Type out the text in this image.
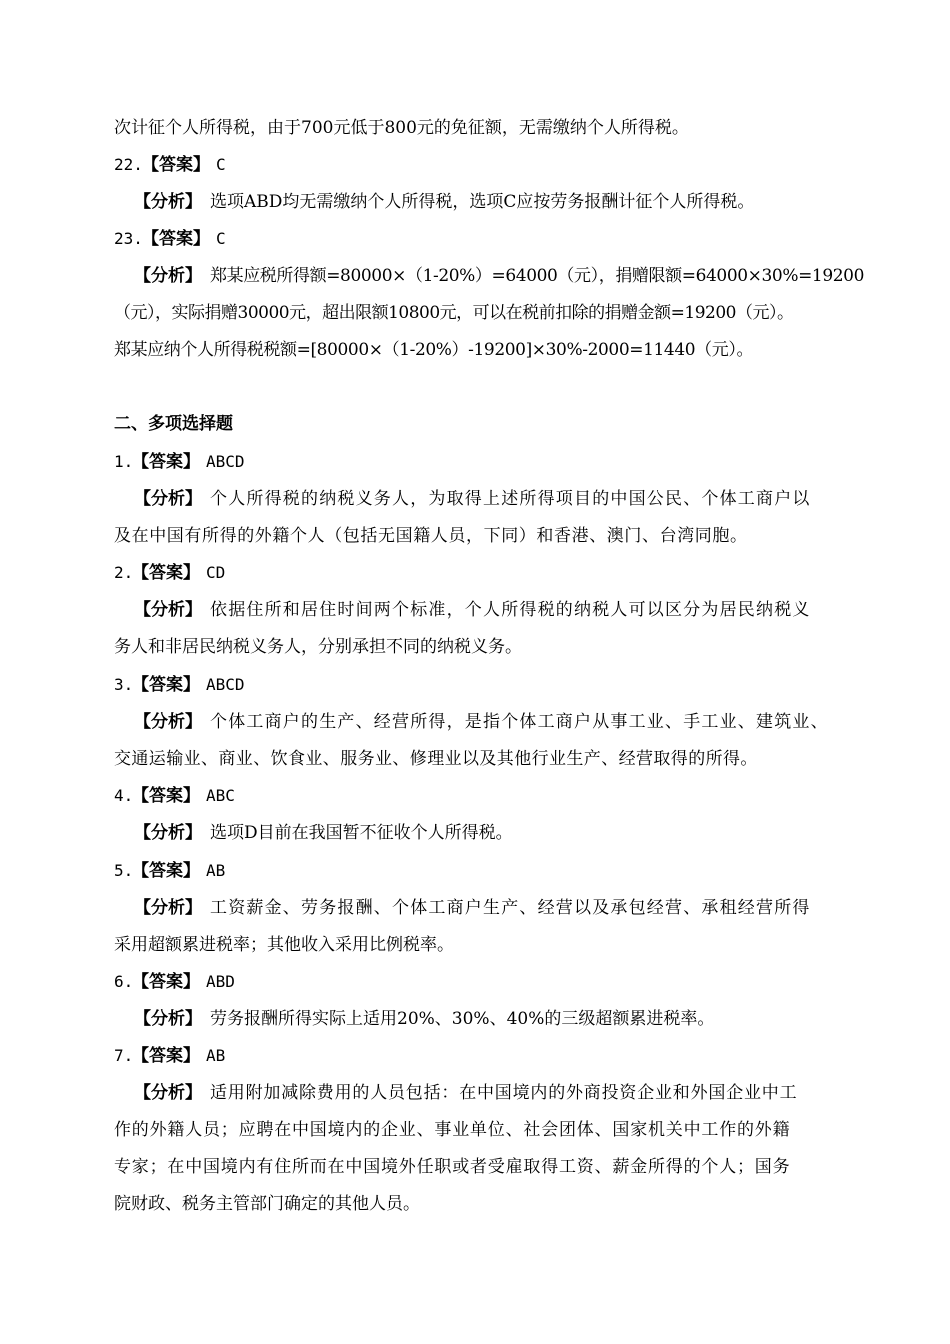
次计征个人所得税，由于700元低于800元的免征额，无需缴纳个人所得税。
22. 【答案】 C
【分析】 选项ABD均无需缴纳个人所得税，选项C应按劳务报酬计征个人所得税。
23. 【答案】 C
【分析】 郑某应税所得额=80000×（1-20%）=64000（元），捐赠限额=64000×30%=19200
（元），实际捐赠30000元，超出限额10800元，可以在税前扣除的捐赠金额=19200（元）。
郑某应纳个人所得税税额=[80000×（1-20%）-19200]×30%-2000=11440（元）。
二、多项选择题
1.
【答案】 ABCD
【分析】 个人所得税的纳税义务人，为取得上述所得项目的中国公民、个体工商户以
及在中国有所得的外籍个人（包括无国籍人员，下同）和香港、澳门、台湾同胞。
2.
【答案】 CD
【分析】 依据住所和居住时间两个标准，个人所得税的纳税人可以区分为居民纳税义
务人和非居民纳税义务人，分别承担不同的纳税义务。
3.
【答案】 ABCD
【分析】 个体工商户的生产、经营所得，是指个体工商户从事工业、手工业、建筑业、
交通运输业、商业、饮食业、服务业、修理业以及其他行业生产、经营取得的所得。
4.
【答案】 ABC
【分析】 选项D目前在我国暂不征收个人所得税。
5.
【答案】 AB
【分析】 工资薪金、劳务报酬、个体工商户生产、经营以及承包经营、承租经营所得
采用超额累进税率；其他收入采用比例税率。
6.
【答案】 ABD
【分析】 劳务报酬所得实际上适用20%、30%、40%的三级超额累进税率。
7.
【答案】 AB
【分析】 适用附加减除费用的人员包括：在中国境内的外商投资企业和外国企业中工
作的外籍人员；应聘在中国境内的企业、事业单位、社会团体、国家机关中工作的外籍
专家；在中国境内有住所而在中国境外任职或者受雇取得工资、薪金所得的个人；国务
院财政、税务主管部门确定的其他人员。
